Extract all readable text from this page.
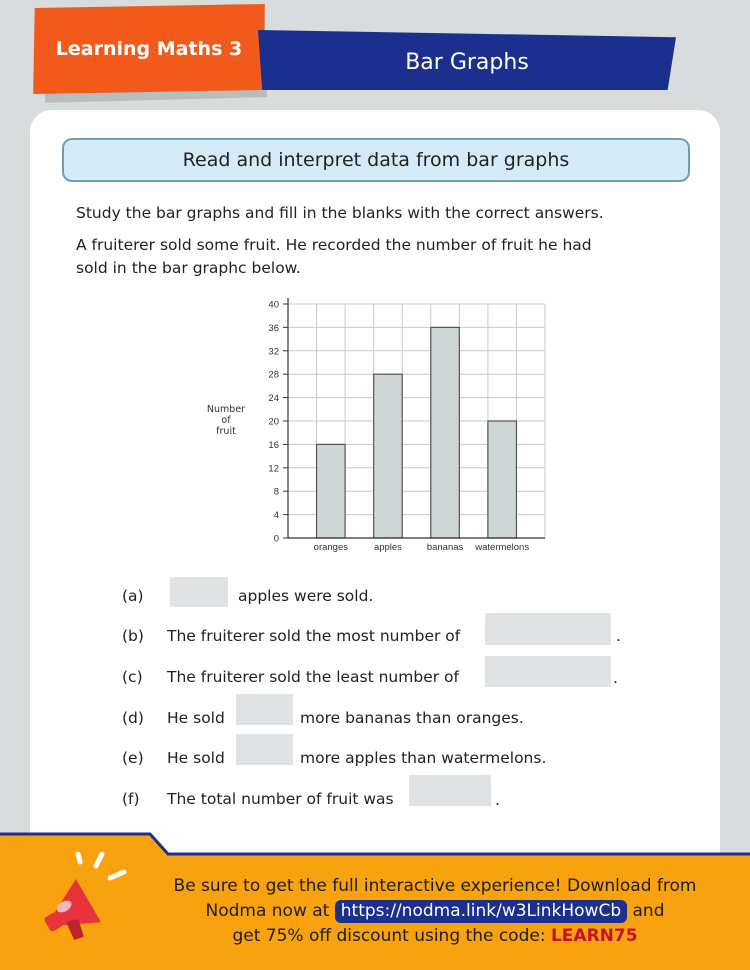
Learning Maths 3
Bar Graphs
Read and interpret data from bar graphs
Study the bar graphs and fill in the blanks with the correct answers.
A fruiterer sold some fruit. He recorded the number of fruit he had
sold in the bar graphc below.
0
4
8
12
16
20
24
28
32
36
40
oranges	apples	bananas watermelons
Number
of
fruit
(a)	apples were sold.
(b) The fruiterer sold the most number of	.
(c) The fruiterer sold the least number of	.
(d) He sold	more bananas than oranges.
(e) He sold	more apples than watermelons.
(f) The total number of fruit was	.
Be sure to get the full interactive experience! Download from
Nodma now at https://nodma.link/w3LinkHowCb and
get 75% off discount using the code: LEARN75
